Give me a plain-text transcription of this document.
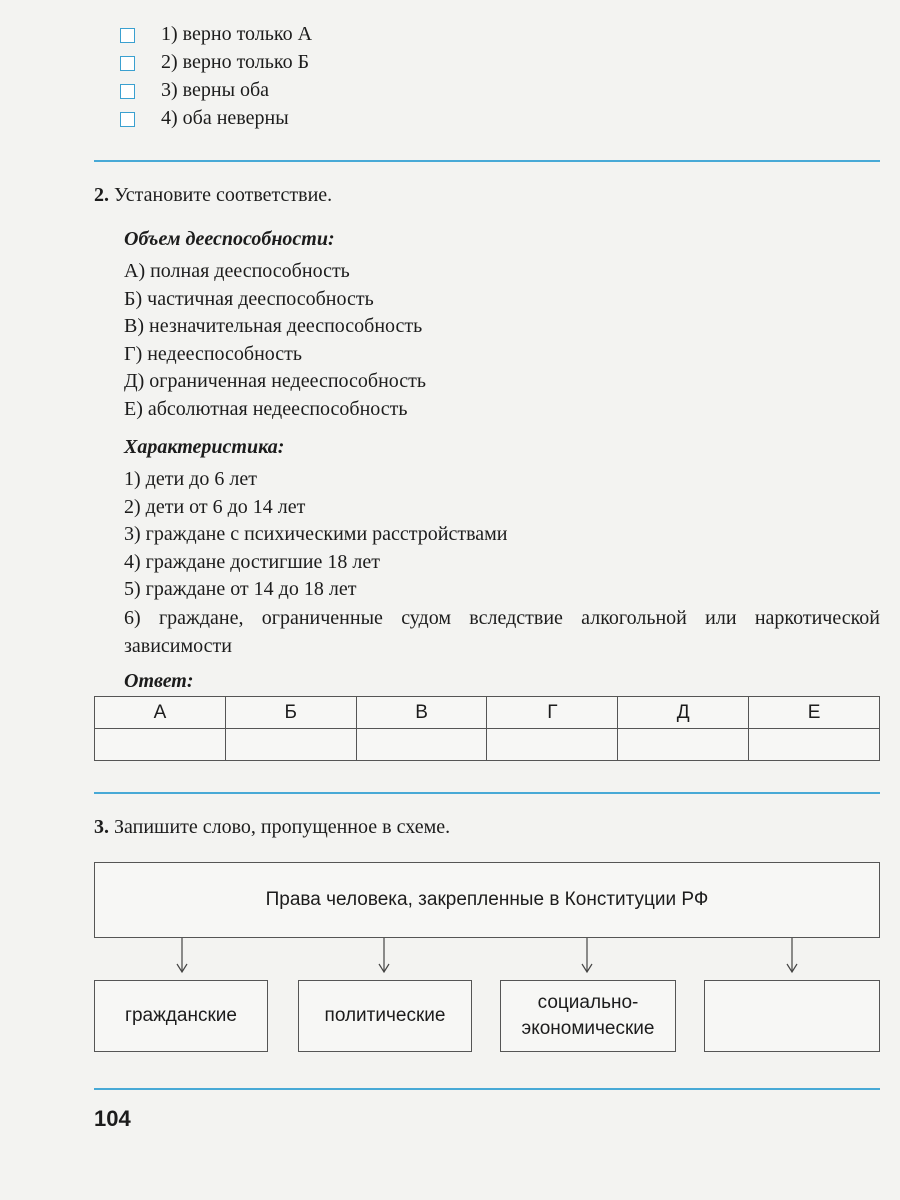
1) верно только А
2) верно только Б
3) верны оба
4) оба неверны
2. Установите соответствие.
Объем дееспособности:
А) полная дееспособность
Б) частичная дееспособность
В) незначительная дееспособность
Г) недееспособность
Д) ограниченная недееспособность
Е) абсолютная недееспособность
Характеристика:
1) дети до 6 лет
2) дети от 6 до 14 лет
3) граждане с психическими расстройствами
4) граждане достигшие 18 лет
5) граждане от 14 до 18 лет
6) граждане, ограниченные судом вследствие алкогольной или наркотической зависимости
Ответ:
А	Б	В	Г	Д	Е

3. Запишите слово, пропущенное в схеме.
Права человека, закрепленные в Конституции РФ
гражданские	политические
социально-экономические
104
